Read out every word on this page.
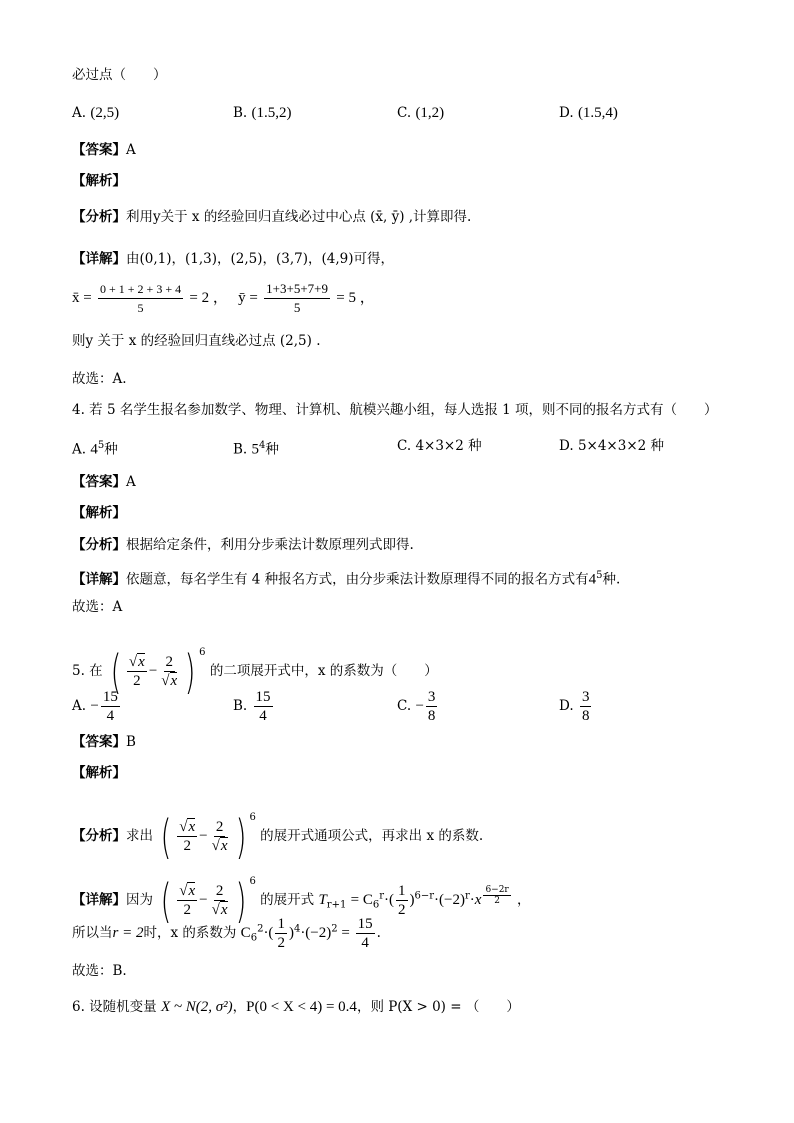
必过点（　　）
A. (2,5)	B. (1.5,2)	C. (1,2)	D. (1.5,4)
【答案】A
【解析】
【分析】利用y关于 x 的经验回归直线必过中心点 (x̄, ȳ) ,计算即得.
【详解】由(0,1)，(1,3)，(2,5)，(3,7)，(4,9)可得，
x̄ = $\frac{0 + 1 + 2 + 3 + 4}{5} = 2$ ， ȳ = $\frac{1+3+5+7+9}{5} = 5$ ，
则y 关于 x 的经验回归直线必过点 (2,5) .
故选：A.
4. 若 5 名学生报名参加数学、物理、计算机、航模兴趣小组，每人选报 1 项，则不同的报名方式有（　　）
A. $4^5$种	B. $5^4$种	C. 4×3×2 种	D. 5×4×3×2 种
【答案】A
【解析】
【分析】根据给定条件，利用分步乘法计数原理列式即得.
【详解】依题意，每名学生有 4 种报名方式，由分步乘法计数原理得不同的报名方式有$4^5$种.
故选：A
5. 在 ( $\frac{√x}{2} - \frac{2}{√x}$ ) $^6$ 的二项展开式中，x 的系数为（　　）
A. − $\frac{15}{4}$	B. $\frac{15}{4}$	C. − $\frac{3}{8}$	D. $\frac{3}{8}$
【答案】B
【解析】
【分析】求出 ( $\frac{√x}{2} - \frac{2}{√x}$ ) $^6$ 的展开式通项公式，再求出 x 的系数.
【详解】因为 ( $\frac{√x}{2} - \frac{2}{√x}$ ) $^6$ 的展开式 $T_{r+1} = C_6^r\cdot( \frac{1}{2} )^{6-r}\cdot(-2)^r\cdot x \frac{6-2r}{2}$ ，
所以当r = 2时，x 的系数为 $C_6^2\cdot( \frac{1}{2} )^4\cdot(-2)^2 = \frac{15}{4}$ .
故选：B.
6. 设随机变量 X ~ N(2, σ²)，P(0 < X < 4) = 0.4，则 P(X > 0) = （　　）
